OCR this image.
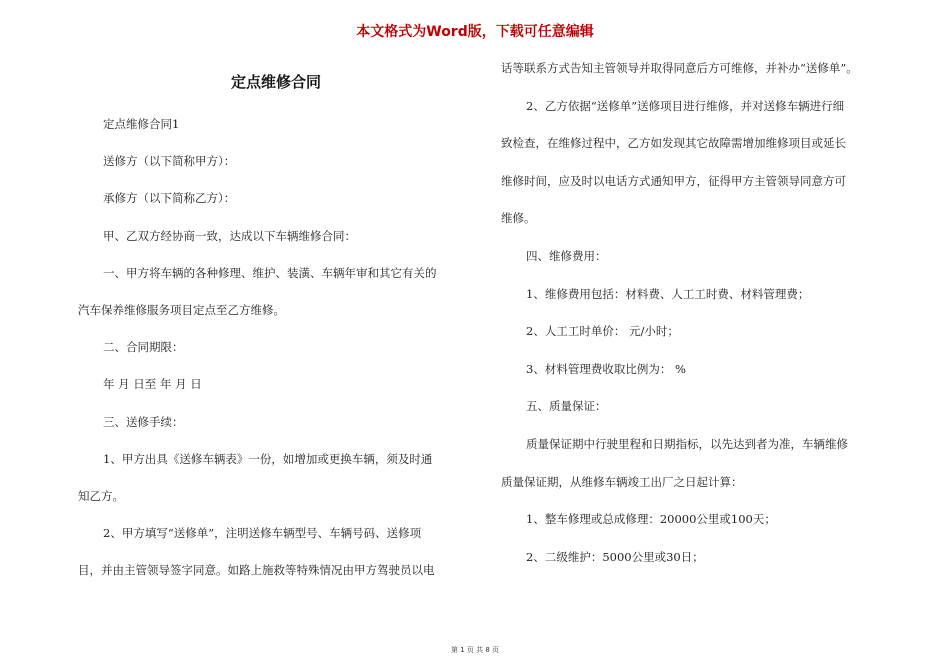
本文格式为Word版，下载可任意编辑
定点维修合同
定点维修合同1
送修方（以下简称甲方）：
承修方（以下简称乙方）：
甲、乙双方经协商一致，达成以下车辆维修合同：
一、甲方将车辆的各种修理、维护、装潢、车辆年审和其它有关的
汽车保养维修服务项目定点至乙方维修。
二、合同期限：
年 月 日至 年 月 日
三、送修手续：
1、甲方出具《送修车辆表》一份，如增加或更换车辆，须及时通
知乙方。
2、甲方填写“送修单”，注明送修车辆型号、车辆号码、送修项
目，并由主管领导签字同意。如路上施救等特殊情况由甲方驾驶员以电
话等联系方式告知主管领导并取得同意后方可维修，并补办“送修单”。
2、乙方依据“送修单”送修项目进行维修，并对送修车辆进行细
致检查，在维修过程中，乙方如发现其它故障需增加维修项目或延长
维修时间，应及时以电话方式通知甲方，征得甲方主管领导同意方可
维修。
四、维修费用：
1、维修费用包括：材料费、人工工时费、材料管理费；
2、人工工时单价： 元/小时；
3、材料管理费收取比例为： %
五、质量保证：
质量保证期中行驶里程和日期指标，以先达到者为准，车辆维修
质量保证期，从维修车辆竣工出厂之日起计算：
1、整车修理或总成修理：20000公里或100天；
2、二级维护：5000公里或30日；
第 1 页 共 8 页
